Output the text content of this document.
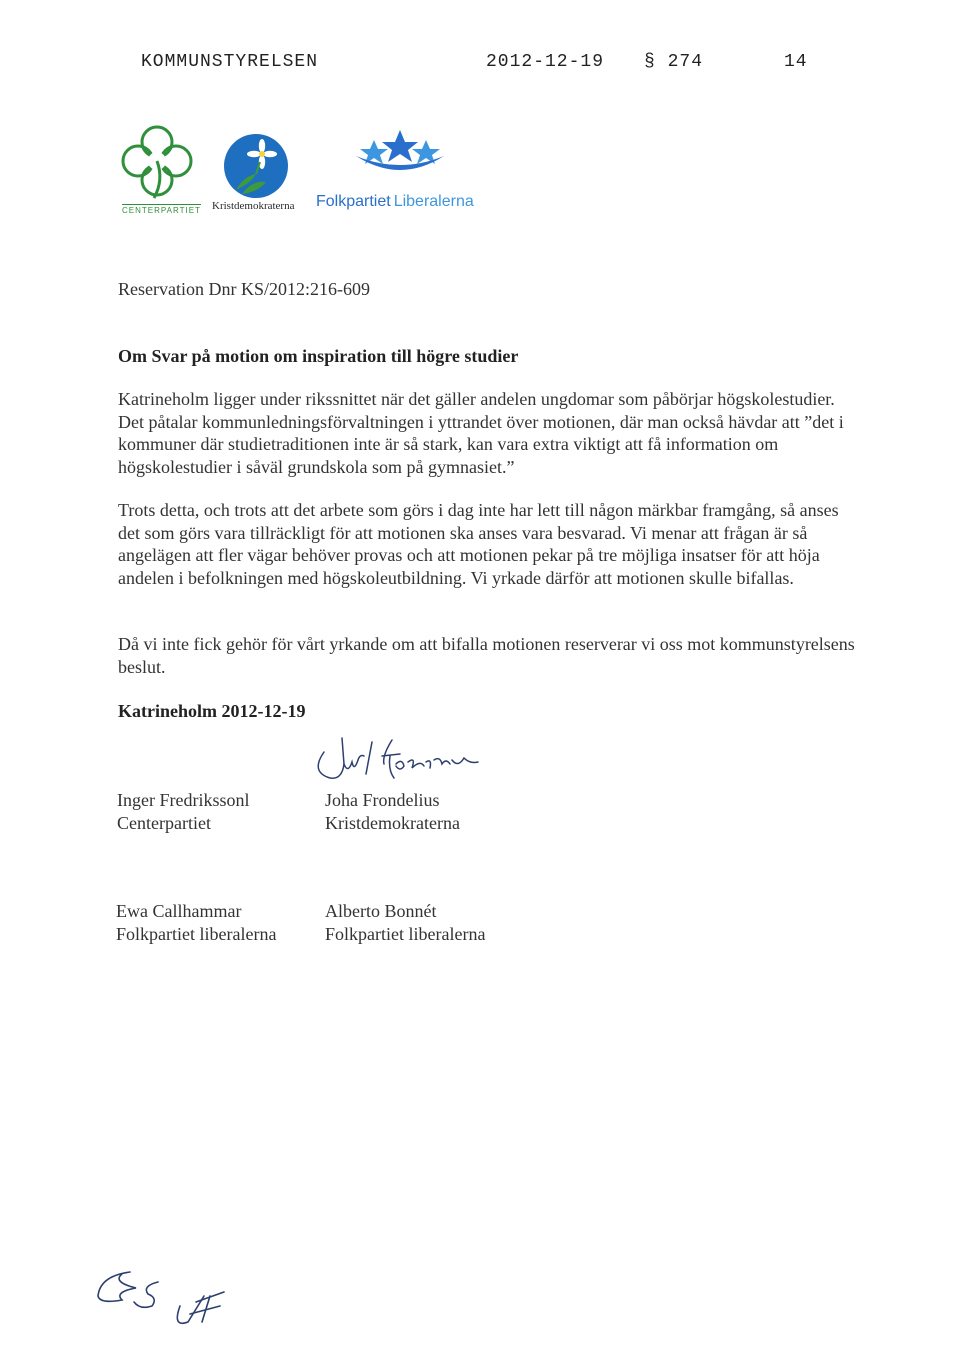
KOMMUNSTYRELSEN	2012-12-19 § 274	14
CENTERPARTIET Kristdemokraterna Folkpartiet Liberalerna
Reservation Dnr KS/2012:216-609
Om Svar på motion om inspiration till högre studier

Katrineholm ligger under rikssnittet när det gäller andelen ungdomar som påbörjar högskolestudier. Det påtalar kommunledningsförvaltningen i yttrandet över motionen, där man också hävdar att ”det i kommuner där studietraditionen inte är så stark, kan vara extra viktigt att få information om högskolestudier i såväl grundskola som på gymnasiet.”

Trots detta, och trots att det arbete som görs i dag inte har lett till någon märkbar framgång, så anses det som görs vara tillräckligt för att motionen ska anses vara besvarad. Vi menar att frågan är så angelägen att fler vägar behöver provas och att motionen pekar på tre möjliga insatser för att höja andelen i befolkningen med högskoleutbildning. Vi yrkade därför att motionen skulle bifallas.

Då vi inte fick gehör för vårt yrkande om att bifalla motionen reserverar vi oss mot kommunstyrelsens beslut.

Katrineholm 2012-12-19
Inger Fredrikssonl
Centerpartiet
Joha Frondelius
Kristdemokraterna
Ewa Callhammar
Folkpartiet liberalerna
Alberto Bonnét
Folkpartiet liberalerna
